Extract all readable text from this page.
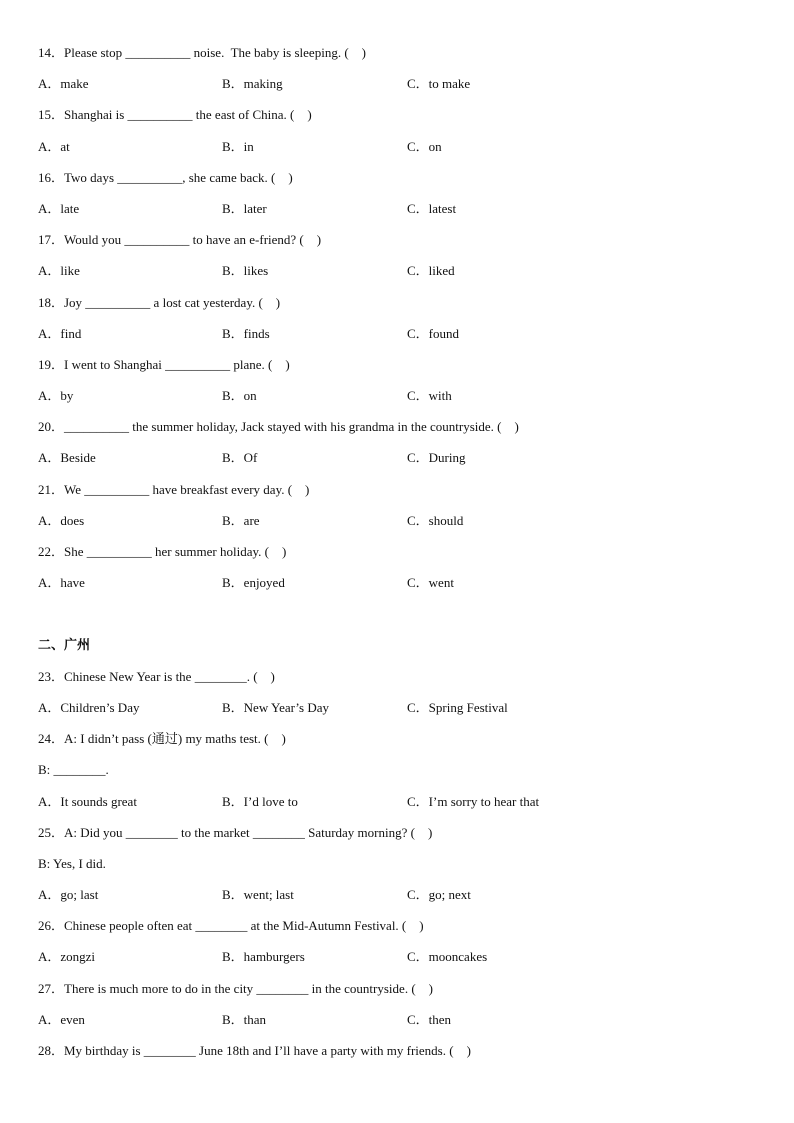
14．Please stop __________ noise.  The baby is sleeping. (    )
A．make	B．making	C．to make
15．Shanghai is __________ the east of China. (    )
A．at	B．in	C．on
16．Two days __________, she came back. (    )
A．late	B．later	C．latest
17．Would you __________ to have an e-friend? (    )
A．like	B．likes	C．liked
18．Joy __________ a lost cat yesterday. (    )
A．find	B．finds	C．found
19．I went to Shanghai __________ plane. (    )
A．by	B．on	C．with
20．__________ the summer holiday, Jack stayed with his grandma in the countryside. (    )
A．Beside	B．Of	C．During
21．We __________ have breakfast every day. (    )
A．does	B．are	C．should
22．She __________ her summer holiday. (    )
A．have	B．enjoyed	C．went
二、广州
23．Chinese New Year is the ________. (    )
A．Children’s Day	B．New Year’s Day	C．Spring Festival
24．A: I didn’t pass (通过) my maths test. (    )
B: ________.
A．It sounds great	B．I’d love to	C．I’m sorry to hear that
25．A: Did you ________ to the market ________ Saturday morning? (    )
B: Yes, I did.
A．go; last	B．went; last	C．go; next
26．Chinese people often eat ________ at the Mid-Autumn Festival. (    )
A．zongzi	B．hamburgers	C．mooncakes
27．There is much more to do in the city ________ in the countryside. (    )
A．even	B．than	C．then
28．My birthday is ________ June 18th and I’ll have a party with my friends. (    )
